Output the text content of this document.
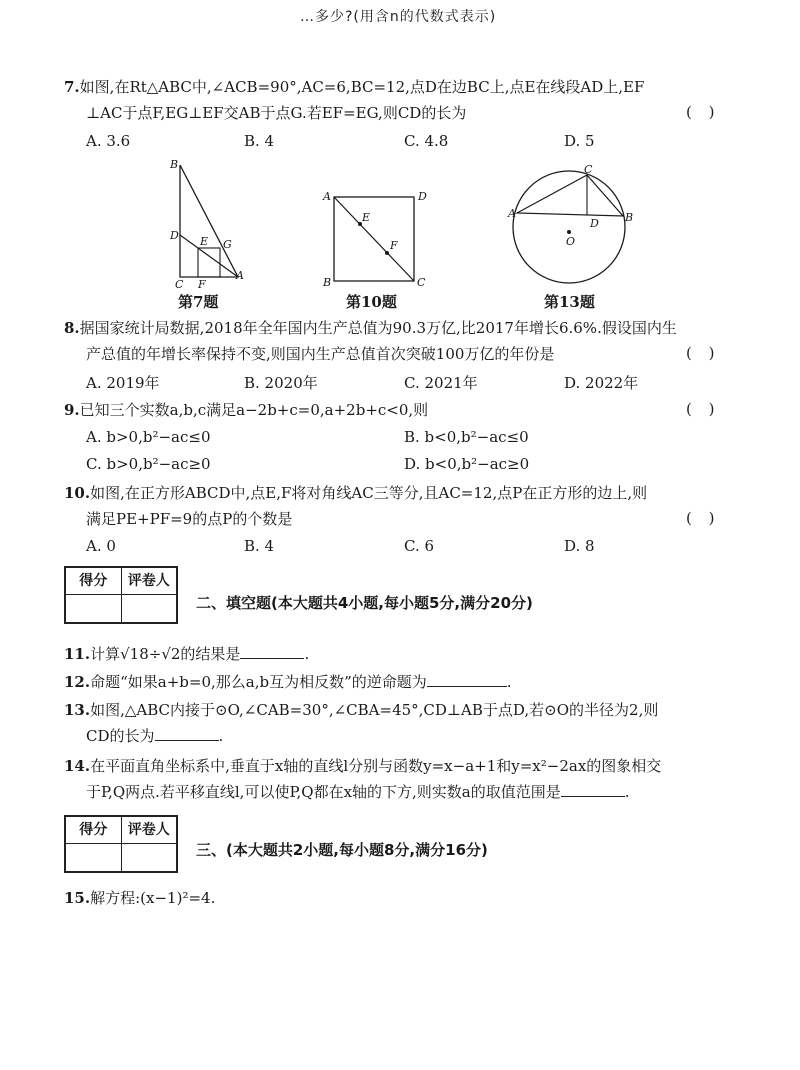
…多少?(用含n的代数式表示)
7.如图,在Rt△ABC中,∠ACB=90°,AC=6,BC=12,点D在边BC上,点E在线段AD上,EF
⊥AC于点F,EG⊥EF交AB于点G.若EF=EG,则CD的长为	( )
A. 3.6	B. 4	C. 4.8	D. 5
B
D E G
C F
A
第7题
A	D
E
F
B	C
第10题
C
A	B
D
O
第13题
8.据国家统计局数据,2018年全年国内生产总值为90.3万亿,比2017年增长6.6%.假设国内生
产总值的年增长率保持不变,则国内生产总值首次突破100万亿的年份是	( )
A. 2019年	B. 2020年	C. 2021年	D. 2022年
9.已知三个实数a,b,c满足a−2b+c=0,a+2b+c<0,则	( )
A. b>0,b²−ac≤0	B. b<0,b²−ac≤0
C. b>0,b²−ac≥0	D. b<0,b²−ac≥0
10.如图,在正方形ABCD中,点E,F将对角线AC三等分,且AC=12,点P在正方形的边上,则
满足PE+PF=9的点P的个数是	( )
A. 0	B. 4	C. 6	D. 8
得分	评卷人
二、填空题(本大题共4小题,每小题5分,满分20分)
11.计算√18÷√2的结果是	.
12.命题“如果a+b=0,那么a,b互为相反数”的逆命题为	.
13.如图,△ABC内接于⊙O,∠CAB=30°,∠CBA=45°,CD⊥AB于点D,若⊙O的半径为2,则
CD的长为	.
14.在平面直角坐标系中,垂直于x轴的直线l分别与函数y=x−a+1和y=x²−2ax的图象相交
于P,Q两点.若平移直线l,可以使P,Q都在x轴的下方,则实数a的取值范围是	.
得分	评卷人
三、(本大题共2小题,每小题8分,满分16分)
15.解方程:(x−1)²=4.
